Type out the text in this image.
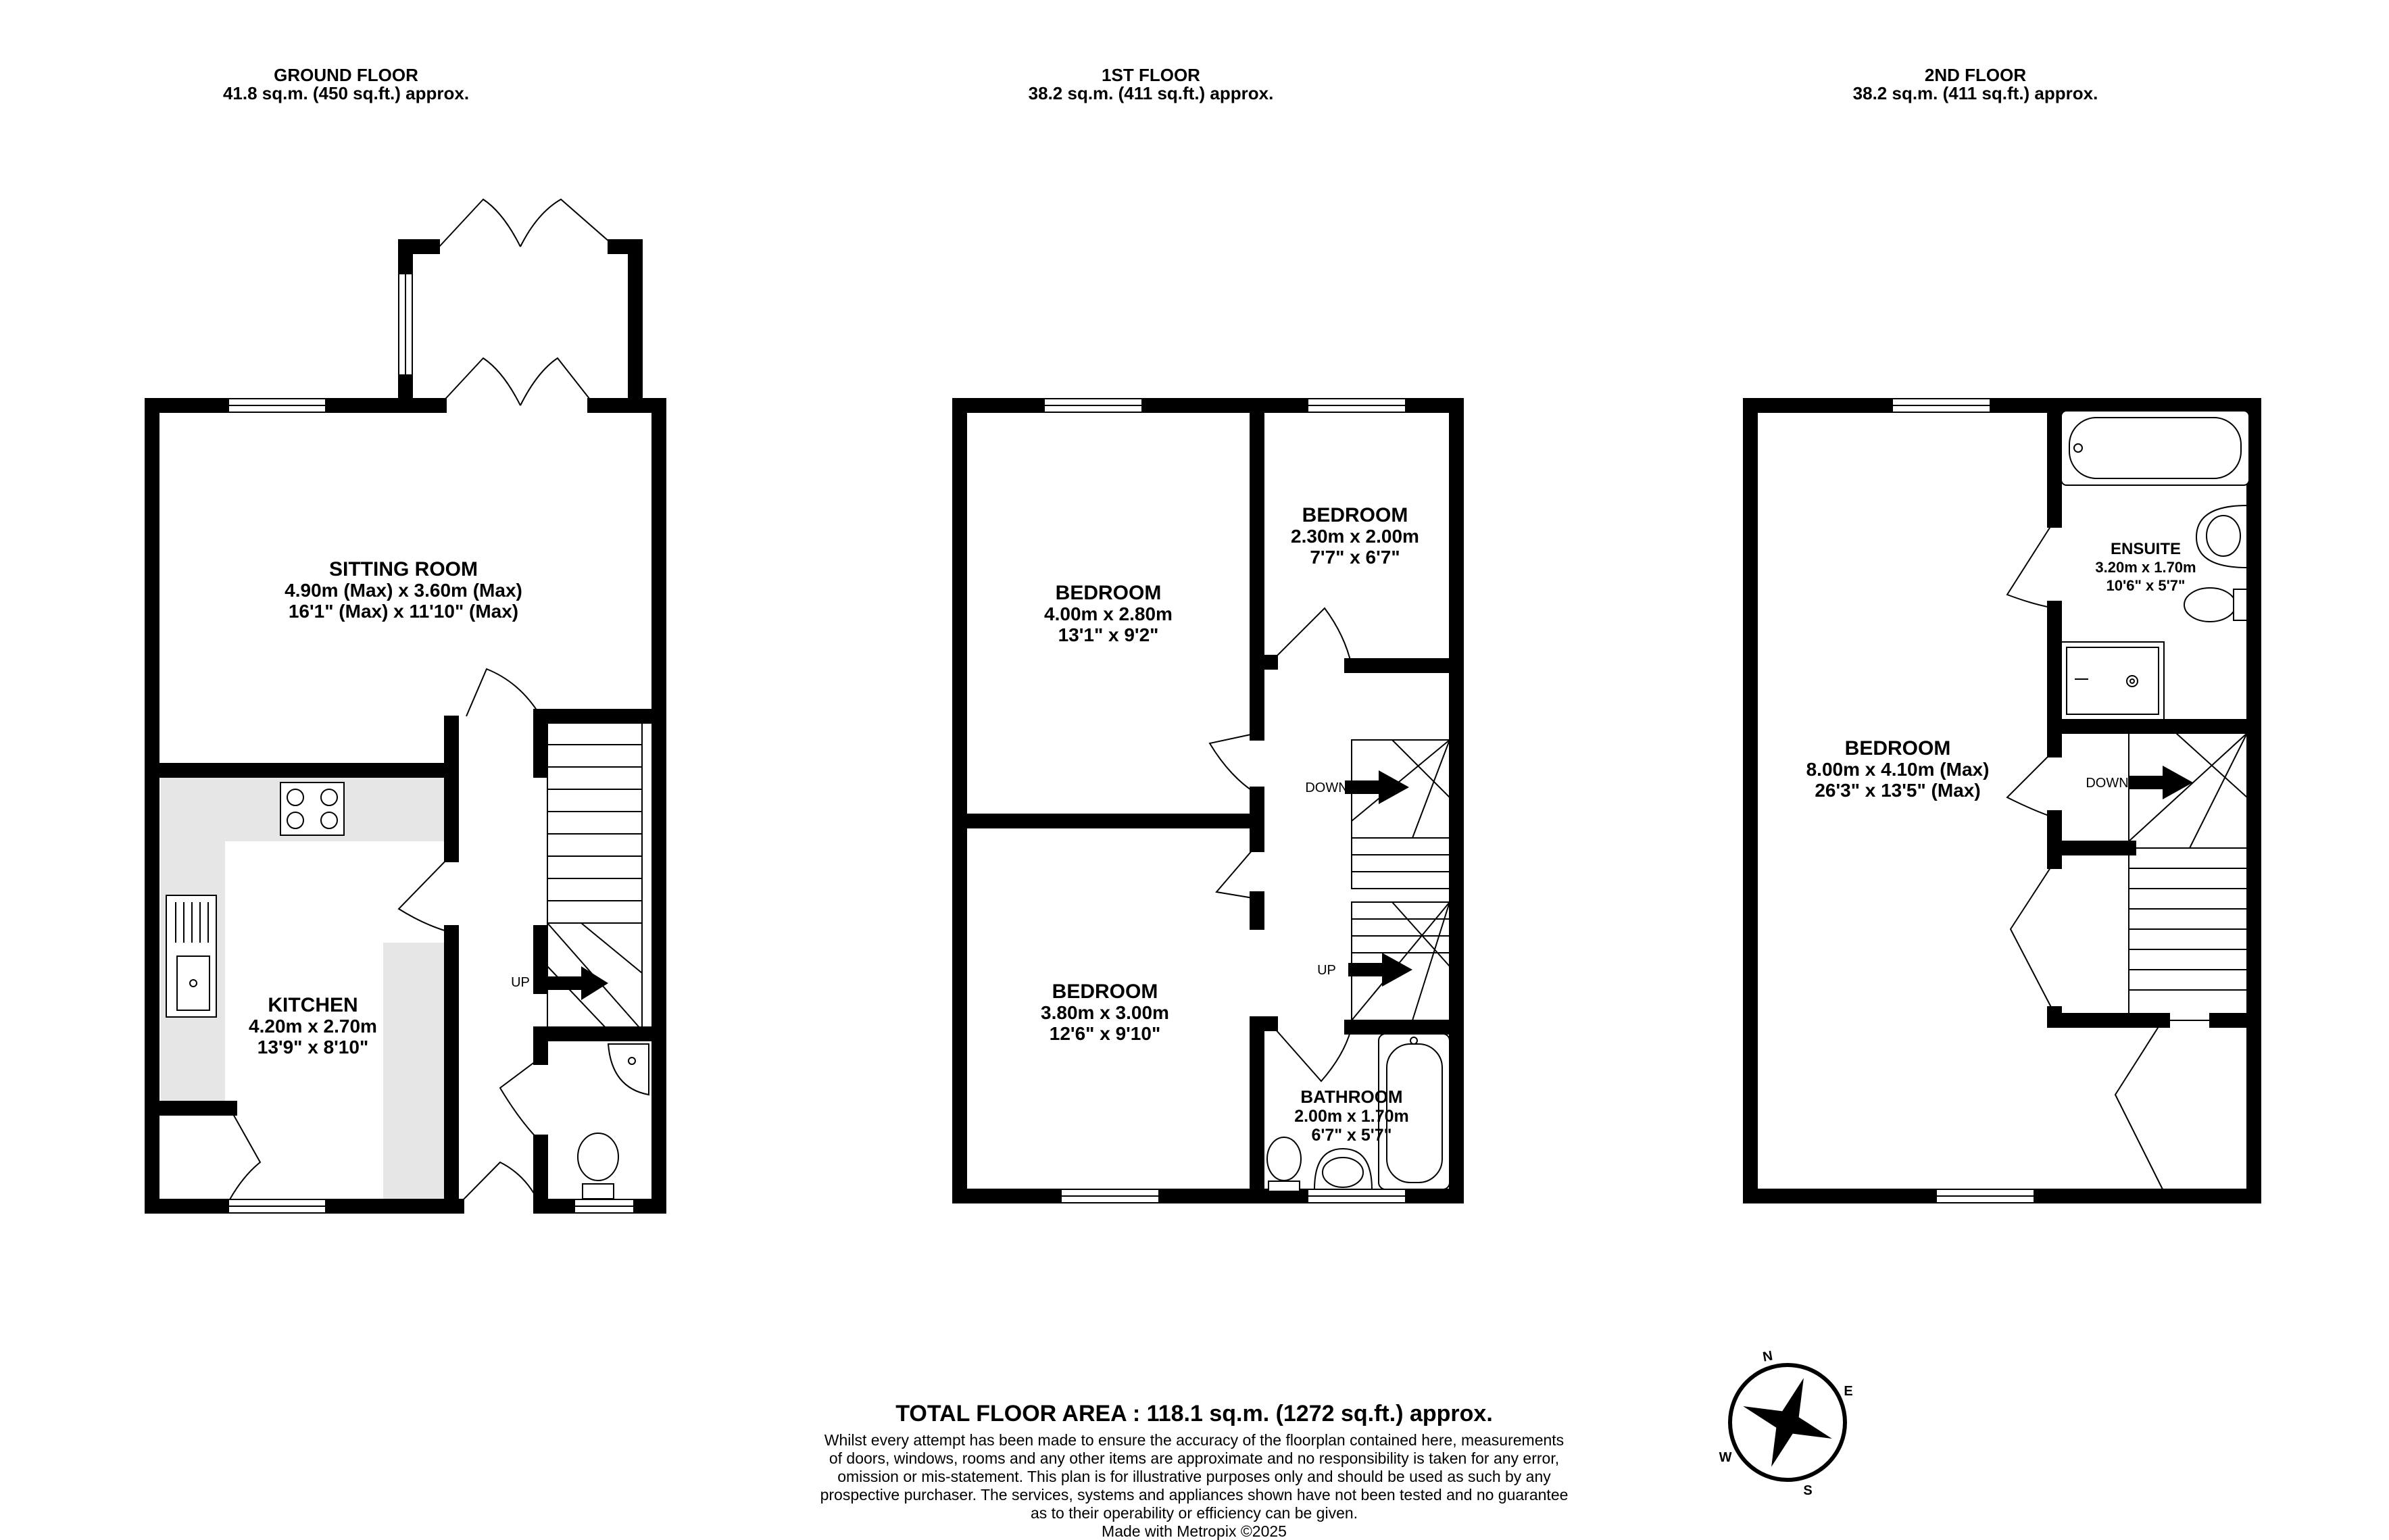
GROUND FLOOR
41.8 sq.m. (450 sq.ft.) approx.
1ST FLOOR
38.2 sq.m. (411 sq.ft.) approx.
2ND FLOOR
38.2 sq.m. (411 sq.ft.) approx.
UP
DOWN
UP
DOWN
SITTING ROOM
4.90m (Max) x 3.60m (Max)
16'1" (Max) x 11'10" (Max)
KITCHEN
4.20m x 2.70m
13'9" x 8'10"
BEDROOM
4.00m x 2.80m
13'1" x 9'2"
BEDROOM
2.30m x 2.00m
7'7" x 6'7"
BEDROOM
3.80m x 3.00m
12'6" x 9'10"
BATHROOM
2.00m x 1.70m
6'7" x 5'7"
BEDROOM
8.00m x 4.10m (Max)
26'3" x 13'5" (Max)
ENSUITE
3.20m x 1.70m
10'6" x 5'7"
TOTAL FLOOR AREA : 118.1 sq.m. (1272 sq.ft.) approx.
Whilst every attempt has been made to ensure the accuracy of the floorplan contained here, measurements
of doors, windows, rooms and any other items are approximate and no responsibility is taken for any error,
omission or mis-statement. This plan is for illustrative purposes only and should be used as such by any
prospective purchaser. The services, systems and appliances shown have not been tested and no guarantee
as to their operability or efficiency can be given.
Made with Metropix ©2025
N
E
S
W
